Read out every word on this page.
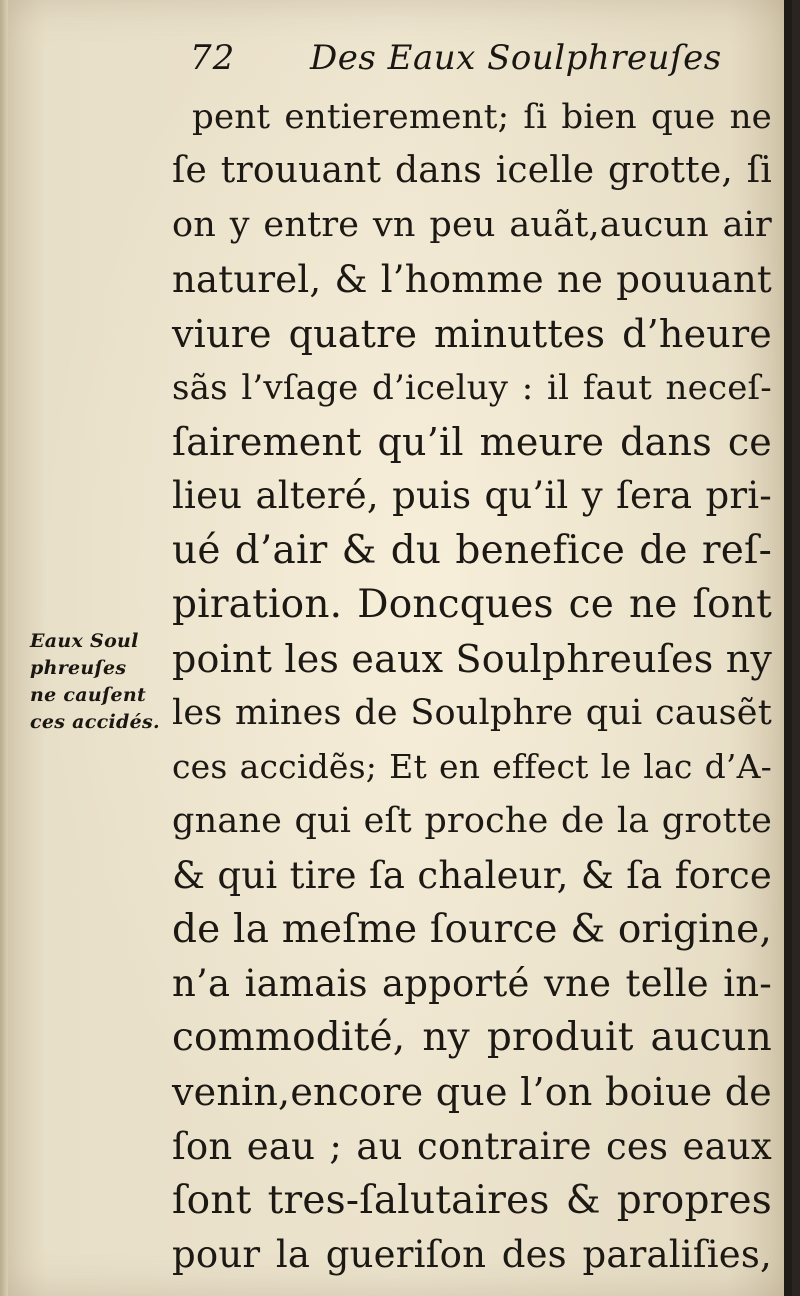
72 Des Eaux Soulphreuſes
Eaux Soul
phreuſes
ne cauſent
ces accidés.
pent entierement; ſi bien que ne
ſe trouuant dans icelle grotte, ſi
on y entre vn peu auãt,aucun air
naturel, & l’homme ne pouuant
viure quatre minuttes d’heure
sãs l’vſage d’iceluy : il faut neceſ-
ſairement qu’il meure dans ce
lieu alteré, puis qu’il y ſera pri-
ué d’air & du benefice de reſ-
piration. Doncques ce ne ſont
point les eaux Soulphreuſes ny
les mines de Soulphre qui causẽt
ces accidẽs; Et en effect le lac d’A-
gnane qui eſt proche de la grotte
& qui tire ſa chaleur, & ſa force
de la meſme ſource & origine,
n’a iamais apporté vne telle in-
commodité, ny produit aucun
venin,encore que l’on boiue de
ſon eau ; au contraire ces eaux
ſont tres-ſalutaires & propres
pour la gueriſon des paraliſies,
